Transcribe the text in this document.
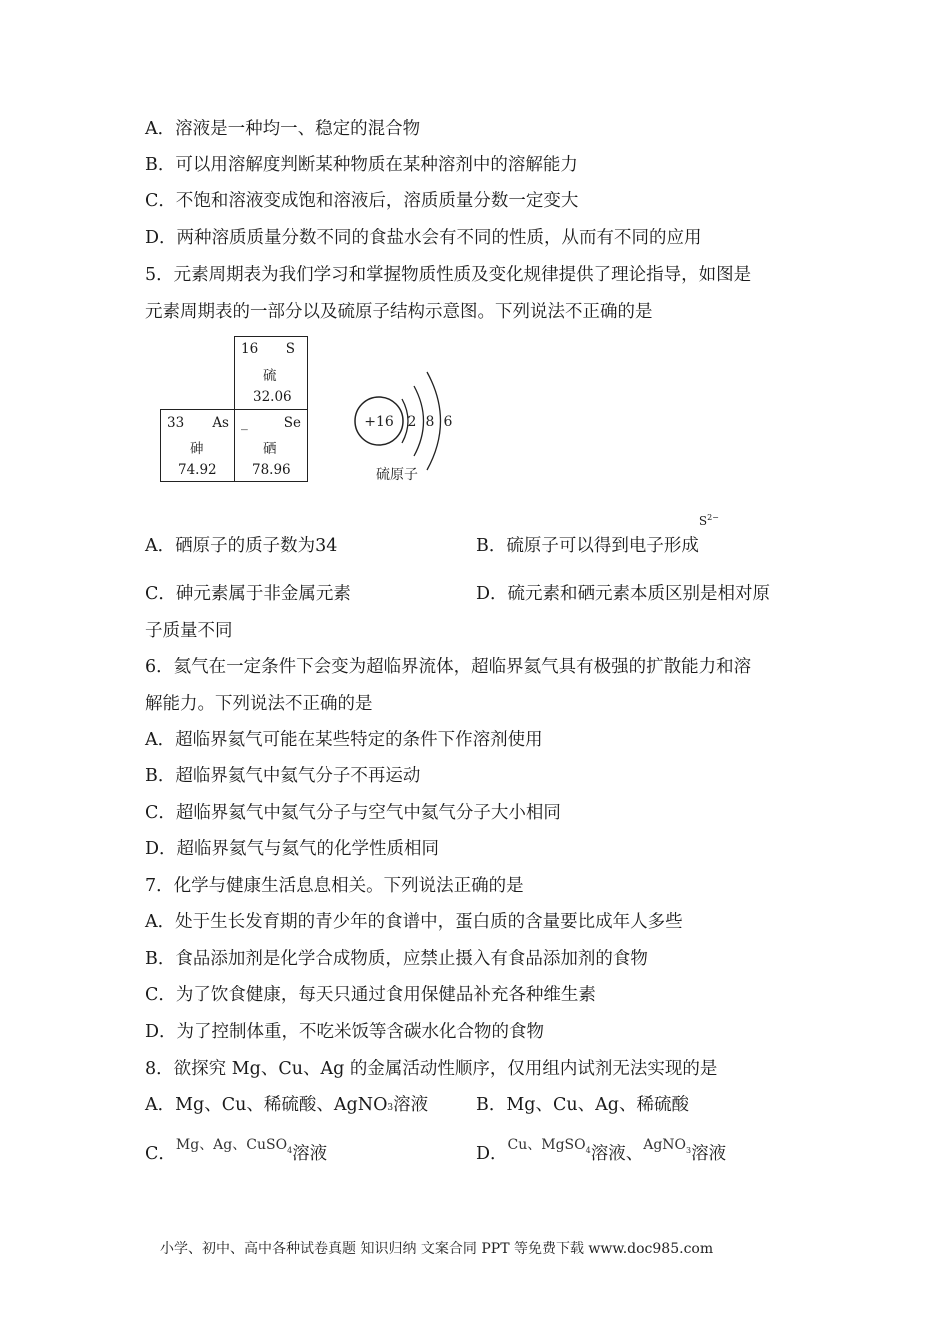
A．溶液是一种均一、稳定的混合物
B．可以用溶解度判断某种物质在某种溶剂中的溶解能力
C．不饱和溶液变成饱和溶液后，溶质质量分数一定变大
D．两种溶质质量分数不同的食盐水会有不同的性质，从而有不同的应用
5．元素周期表为我们学习和掌握物质性质及变化规律提供了理论指导，如图是
元素周期表的一部分以及硫原子结构示意图。下列说法不正确的是
16 S
硫
32.06
33 As
砷
74.92
_	Se
硒
78.96
+16 2 8 6
硫原子
A．硒原子的质子数为34	B．硫原子可以得到电子形成$^{S^{2-}}$
C．砷元素属于非金属元素	D．硫元素和硒元素本质区别是相对原
子质量不同
6．氦气在一定条件下会变为超临界流体，超临界氦气具有极强的扩散能力和溶
解能力。下列说法不正确的是
A．超临界氦气可能在某些特定的条件下作溶剂使用
B．超临界氦气中氦气分子不再运动
C．超临界氦气中氦气分子与空气中氦气分子大小相同
D．超临界氦气与氦气的化学性质相同
7．化学与健康生活息息相关。下列说法正确的是
A．处于生长发育期的青少年的食谱中，蛋白质的含量要比成年人多些
B．食品添加剂是化学合成物质，应禁止摄入有食品添加剂的食物
C．为了饮食健康，每天只通过食用保健品补充各种维生素
D．为了控制体重，不吃米饭等含碳水化合物的食物
8．欲探究 Mg、Cu、Ag 的金属活动性顺序，仅用组内试剂无法实现的是
A．Mg、Cu、稀硫酸、AgNO3溶液	B．Mg、Cu、Ag、稀硫酸
C．$^{Mg、Ag、CuSO_4}$溶液	D．$^{Cu、MgSO_4}$溶液、$^{AgNO_3}$溶液
小学、初中、高中各种试卷真题 知识归纳 文案合同 PPT 等免费下载 www.doc985.com
